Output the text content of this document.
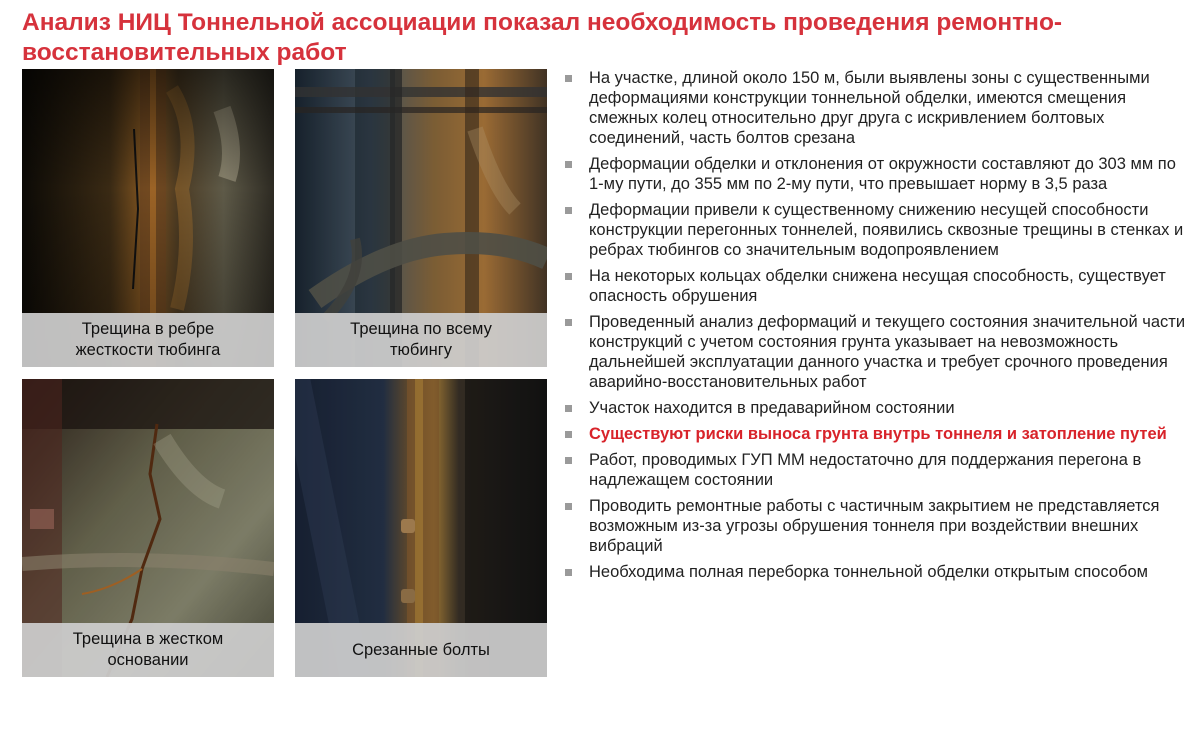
Анализ НИЦ Тоннельной ассоциации показал необходимость проведения ремонтно-восстановительных работ
Трещина в ребре
жесткости тюбинга
Трещина по всему
тюбингу
Трещина в жестком
основании
Срезанные болты
На участке, длиной около 150 м, были выявлены зоны с существенными деформациями конструкции тоннельной обделки, имеются смещения смежных колец относительно друг друга с искривлением болтовых соединений, часть болтов срезана
Деформации обделки и отклонения от окружности составляют до 303 мм по 1-му пути, до 355 мм по 2-му пути, что превышает норму в 3,5 раза
Деформации привели к существенному снижению несущей способности конструкции перегонных тоннелей, появились сквозные трещины в стенках и ребрах тюбингов со значительным водопроявлением
На некоторых кольцах обделки снижена несущая способность, существует опасность обрушения
Проведенный анализ деформаций и текущего состояния значительной части конструкций с учетом состояния грунта указывает на невозможность дальнейшей эксплуатации данного участка и требует срочного проведения аварийно-восстановительных работ
Участок находится в предаварийном состоянии
Существуют риски выноса грунта внутрь тоннеля и затопление путей
Работ, проводимых ГУП ММ недостаточно для поддержания перегона в надлежащем состоянии
Проводить ремонтные работы с частичным закрытием не представляется возможным из-за угрозы обрушения тоннеля при воздействии внешних вибраций
Необходима полная переборка тоннельной обделки открытым способом
